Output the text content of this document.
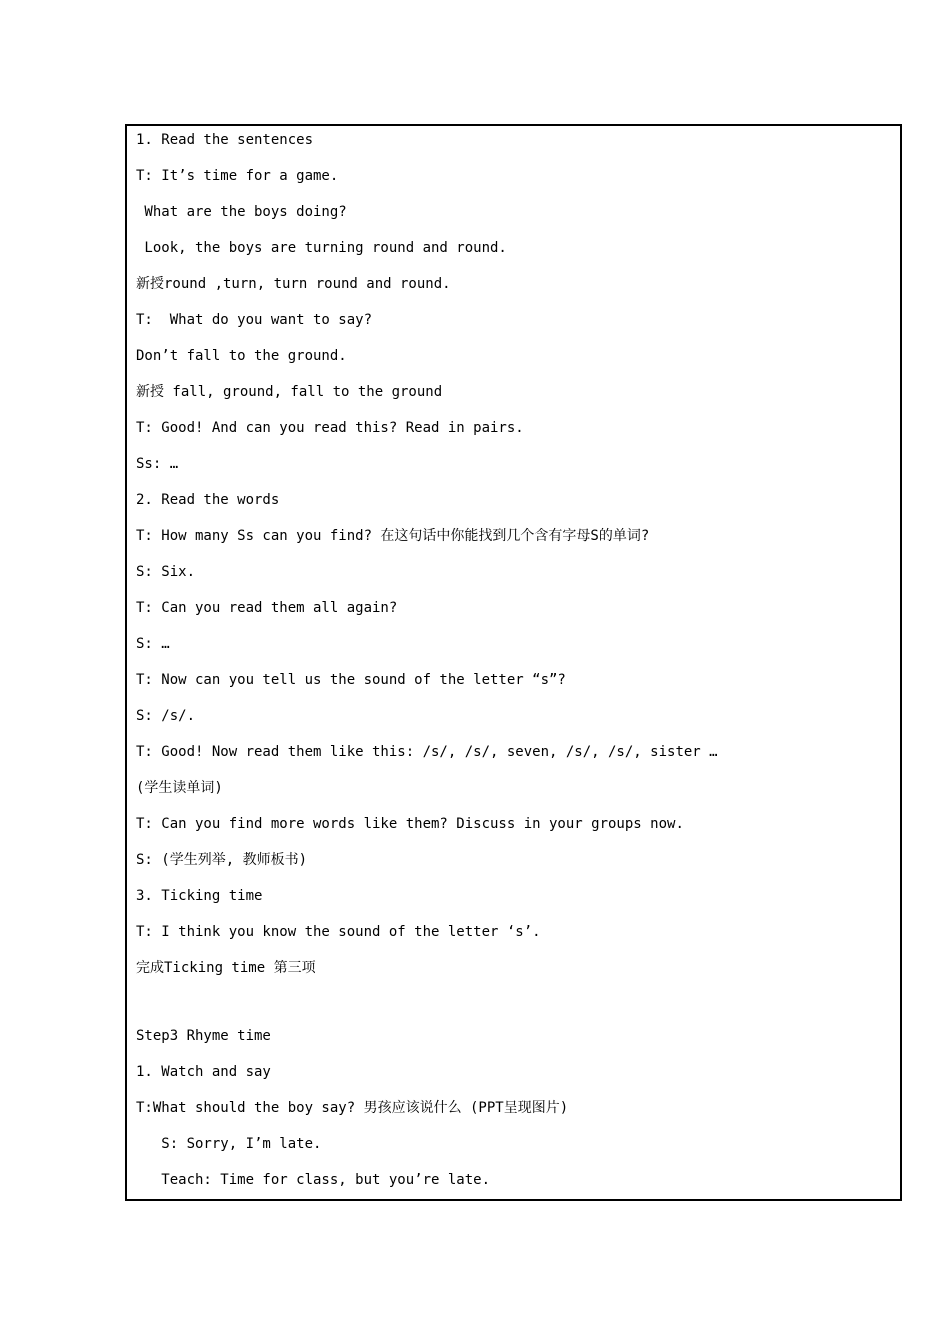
1. Read the sentences
T: It’s time for a game.
What are the boys doing?
Look, the boys are turning round and round.
新授round ,turn, turn round and round.
T:  What do you want to say?
Don’t fall to the ground.
新授 fall, ground, fall to the ground
T: Good! And can you read this? Read in pairs.
Ss: …
2. Read the words
T: How many Ss can you find? 在这句话中你能找到几个含有字母S的单词?
S: Six.
T: Can you read them all again?
S: …
T: Now can you tell us the sound of the letter “s”?
S: /s/.
T: Good! Now read them like this: /s/, /s/, seven, /s/, /s/, sister …
(学生读单词)
T: Can you find more words like them? Discuss in your groups now.
S: (学生列举, 教师板书)
3. Ticking time
T: I think you know the sound of the letter ‘s’.
完成Ticking time 第三项
Step3 Rhyme time
1. Watch and say
T:What should the boy say? 男孩应该说什么 (PPT呈现图片)
S: Sorry, I’m late.
Teach: Time for class, but you’re late.
